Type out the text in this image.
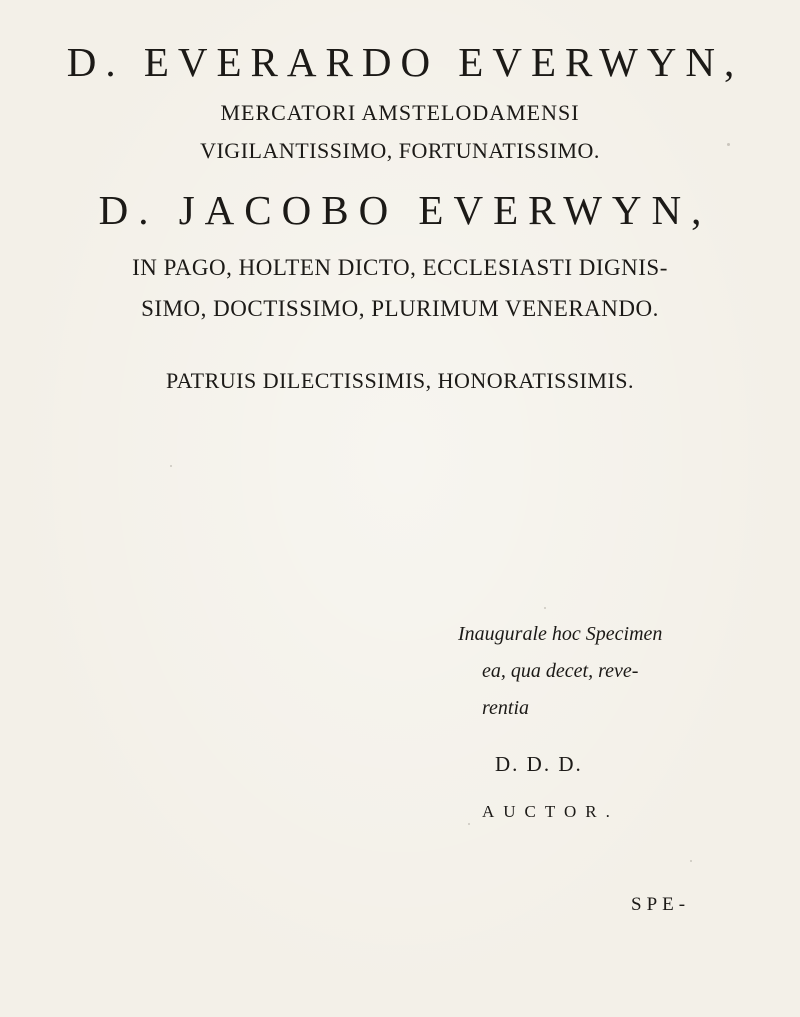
D. EVERARDO EVERWYN,
MERCATORI AMSTELODAMENSI
VIGILANTISSIMO, FORTUNATISSIMO.
D. JACOBO EVERWYN,
IN PAGO, HOLTEN DICTO, ECCLESIASTI DIGNIS-
SIMO, DOCTISSIMO, PLURIMUM VENERANDO.
PATRUIS DILECTISSIMIS, HONORATISSIMIS.
Inaugurale hoc Specimen
ea, qua decet, reve-
rentia
D. D. D.
AUCTOR.
SPE-
